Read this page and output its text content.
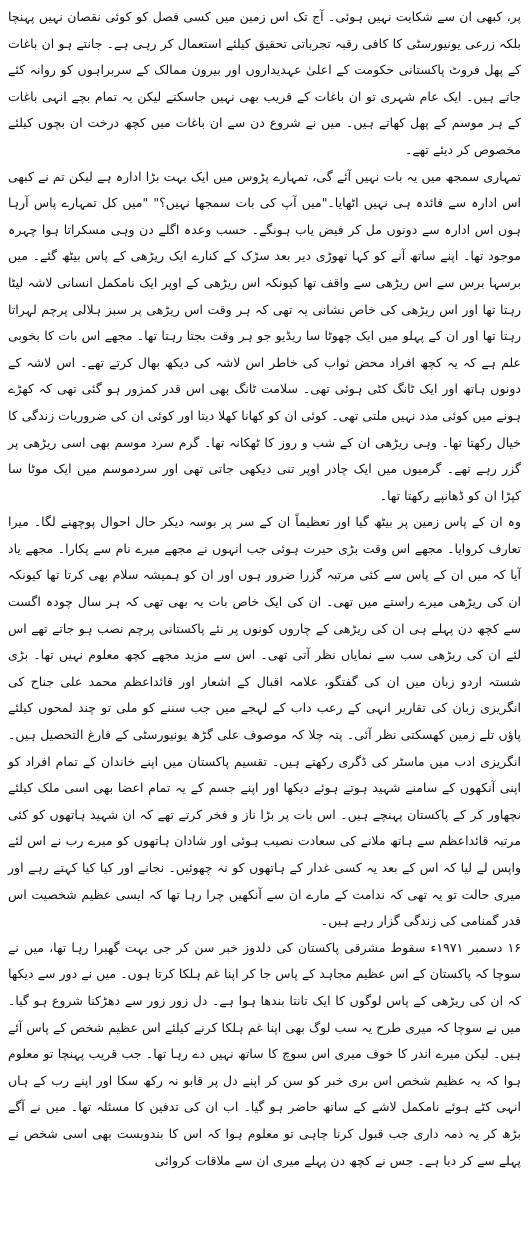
پر، کبھی ان سے شکایت نہیں ہوئی۔ آج تک اس زمین میں کسی فصل کو کوئی نقصان نہیں پہنچا بلکہ زرعی یونیورسٹی کا کافی رقبہ تجرباتی تحقیق کیلئے استعمال کر رہی ہے۔ جانتے ہو ان باغات کے پھل فروٹ پاکستانی حکومت کے اعلیٰ عہدیداروں اور بیرون ممالک کے سربراہوں کو روانہ کئے جاتے ہیں۔ ایک عام شہری تو ان باغات کے قریب بھی نہیں جاسکتے لیکن یہ تمام بچے انہی باغات کے ہر موسم کے پھل کھاتے ہیں۔ میں نے شروع دن سے ان باغات میں کچھ درخت ان بچوں کیلئے مخصوص کر دیئے تھے۔

تمہاری سمجھ میں یہ بات نہیں آئے گی، تمہارے پڑوس میں ایک بہت بڑا ادارہ ہے لیکن تم نے کبھی اس ادارہ سے فائدہ ہی نہیں اٹھایا۔"میں آپ کی بات سمجھا نہیں؟" "میں کل تمہارے پاس آرہا ہوں اس ادارہ سے دونوں مل کر فیض یاب ہونگے۔ حسب وعدہ اگلے دن وہی مسکراتا ہوا چہرہ موجود تھا۔ اپنے ساتھ آنے کو کہا تھوڑی دیر بعد سڑک کے کنارے ایک ریڑھی کے پاس بیٹھ گئے۔ میں برسہا برس سے اس ریڑھی سے واقف تھا کیونکہ اس ریڑھی کے اوپر ایک نامکمل انسانی لاشہ لیٹا رہتا تھا اور اس ریڑھی کی خاص نشانی یہ تھی کہ ہر وقت اس ریڑھی پر سبز ہلالی پرچم لہراتا رہتا تھا اور ان کے پہلو میں ایک چھوٹا سا ریڈیو جو ہر وقت بجتا رہتا تھا۔ مجھے اس بات کا بخوبی علم ہے کہ یہ کچھ افراد محض ثواب کی خاطر اس لاشہ کی دیکھ بھال کرتے تھے۔ اس لاشہ کے دونوں ہاتھ اور ایک ٹانگ کٹی ہوئی تھی۔ سلامت ٹانگ بھی اس قدر کمزور ہو گئی تھی کہ کھڑے ہونے میں کوئی مدد نہیں ملتی تھی۔ کوئی ان کو کھانا کھلا دیتا اور کوئی ان کی ضروریات زندگی کا خیال رکھتا تھا۔ وہی ریڑھی ان کے شب و روز کا ٹھکانہ تھا۔ گرم سرد موسم بھی اسی ریڑھی پر گزر رہے تھے۔ گرمیوں میں ایک چادر اوپر تنی دیکھی جاتی تھی اور سردموسم میں ایک موٹا سا کپڑا ان کو ڈھانپے رکھتا تھا۔

وہ ان کے پاس زمین پر بیٹھ گیا اور تعظیماً ان کے سر پر بوسہ دیکر حال احوال پوچھنے لگا۔ میرا تعارف کروایا۔ مجھے اس وقت بڑی حیرت ہوئی جب انہوں نے مجھے میرے نام سے پکارا۔ مجھے یاد آیا کہ میں ان کے پاس سے کئی مرتبہ گزرا ضرور ہوں اور ان کو ہمیشہ سلام بھی کرتا تھا کیونکہ ان کی ریڑھی میرے راستے میں تھی۔ ان کی ایک خاص بات یہ بھی تھی کہ ہر سال چودہ اگست سے کچھ دن پہلے ہی ان کی ریڑھی کے چاروں کونوں پر نئے پاکستانی پرچم نصب ہو جاتے تھے اس لئے ان کی ریڑھی سب سے نمایاں نظر آتی تھی۔ اس سے مزید مجھے کچھ معلوم نہیں تھا۔ بڑی شستہ اردو زبان میں ان کی گفتگو، علامہ اقبال کے اشعار اور قائداعظم محمد علی جناح کی انگریزی زبان کی تقاریر انہی کے رعب داب کے لہجے میں جب سننے کو ملی تو چند لمحوں کیلئے پاؤں تلے زمین کھسکتی نظر آئی۔ پتہ چلا کہ موصوف علی گڑھ یونیورسٹی کے فارغ التحصیل ہیں۔ انگریزی ادب میں ماسٹر کی ڈگری رکھتے ہیں۔ تقسیم پاکستان میں اپنے خاندان کے تمام افراد کو اپنی آنکھوں کے سامنے شہید ہوتے ہوئے دیکھا اور اپنے جسم کے یہ تمام اعضا بھی اسی ملک کیلئے نچھاور کر کے پاکستان پہنچے ہیں۔ اس بات پر بڑا ناز و فخر کرتے تھے کہ ان شہید ہاتھوں کو کئی مرتبہ قائداعظم سے ہاتھ ملانے کی سعادت نصیب ہوئی اور شادان ہاتھوں کو میرے رب نے اس لئے واپس لے لیا کہ اس کے بعد یہ کسی غدار کے ہاتھوں کو نہ چھوئیں۔ نجانے اور کیا کیا کہتے رہے اور میری حالت تو یہ تھی کہ ندامت کے مارے ان سے آنکھیں چرا رہا تھا کہ ایسی عظیم شخصیت اس قدر گمنامی کی زندگی گزار رہے ہیں۔

۱۶ دسمبر ۱۹۷۱ء سقوط مشرقی پاکستان کی دلدوز خبر سن کر جی بہت گھبرا رہا تھا، میں نے سوچا کہ پاکستان کے اس عظیم مجاہد کے پاس جا کر اپنا غم ہلکا کرتا ہوں۔ میں نے دور سے دیکھا کہ ان کی ریڑھی کے پاس لوگوں کا ایک تانتا بندھا ہوا ہے۔ دل زور زور سے دھڑکنا شروع ہو گیا۔ میں نے سوچا کہ میری طرح یہ سب لوگ بھی اپنا غم ہلکا کرنے کیلئے اس عظیم شخص کے پاس آئے ہیں۔ لیکن میرے اندر کا خوف میری اس سوچ کا ساتھ نہیں دے رہا تھا۔ جب قریب پہنچا تو معلوم ہوا کہ یہ عظیم شخص اس بری خبر کو سن کر اپنے دل پر قابو نہ رکھ سکا اور اپنے رب کے ہاں انہی کٹے ہوئے نامکمل لاشے کے ساتھ حاضر ہو گیا۔ اب ان کی تدفین کا مسئلہ تھا۔ میں نے آگے بڑھ کر یہ ذمہ داری جب قبول کرنا چاہی تو معلوم ہوا کہ اس کا بندوبست بھی اسی شخص نے پہلے سے کر دیا ہے۔ جس نے کچھ دن پہلے میری ان سے ملاقات کروائی
